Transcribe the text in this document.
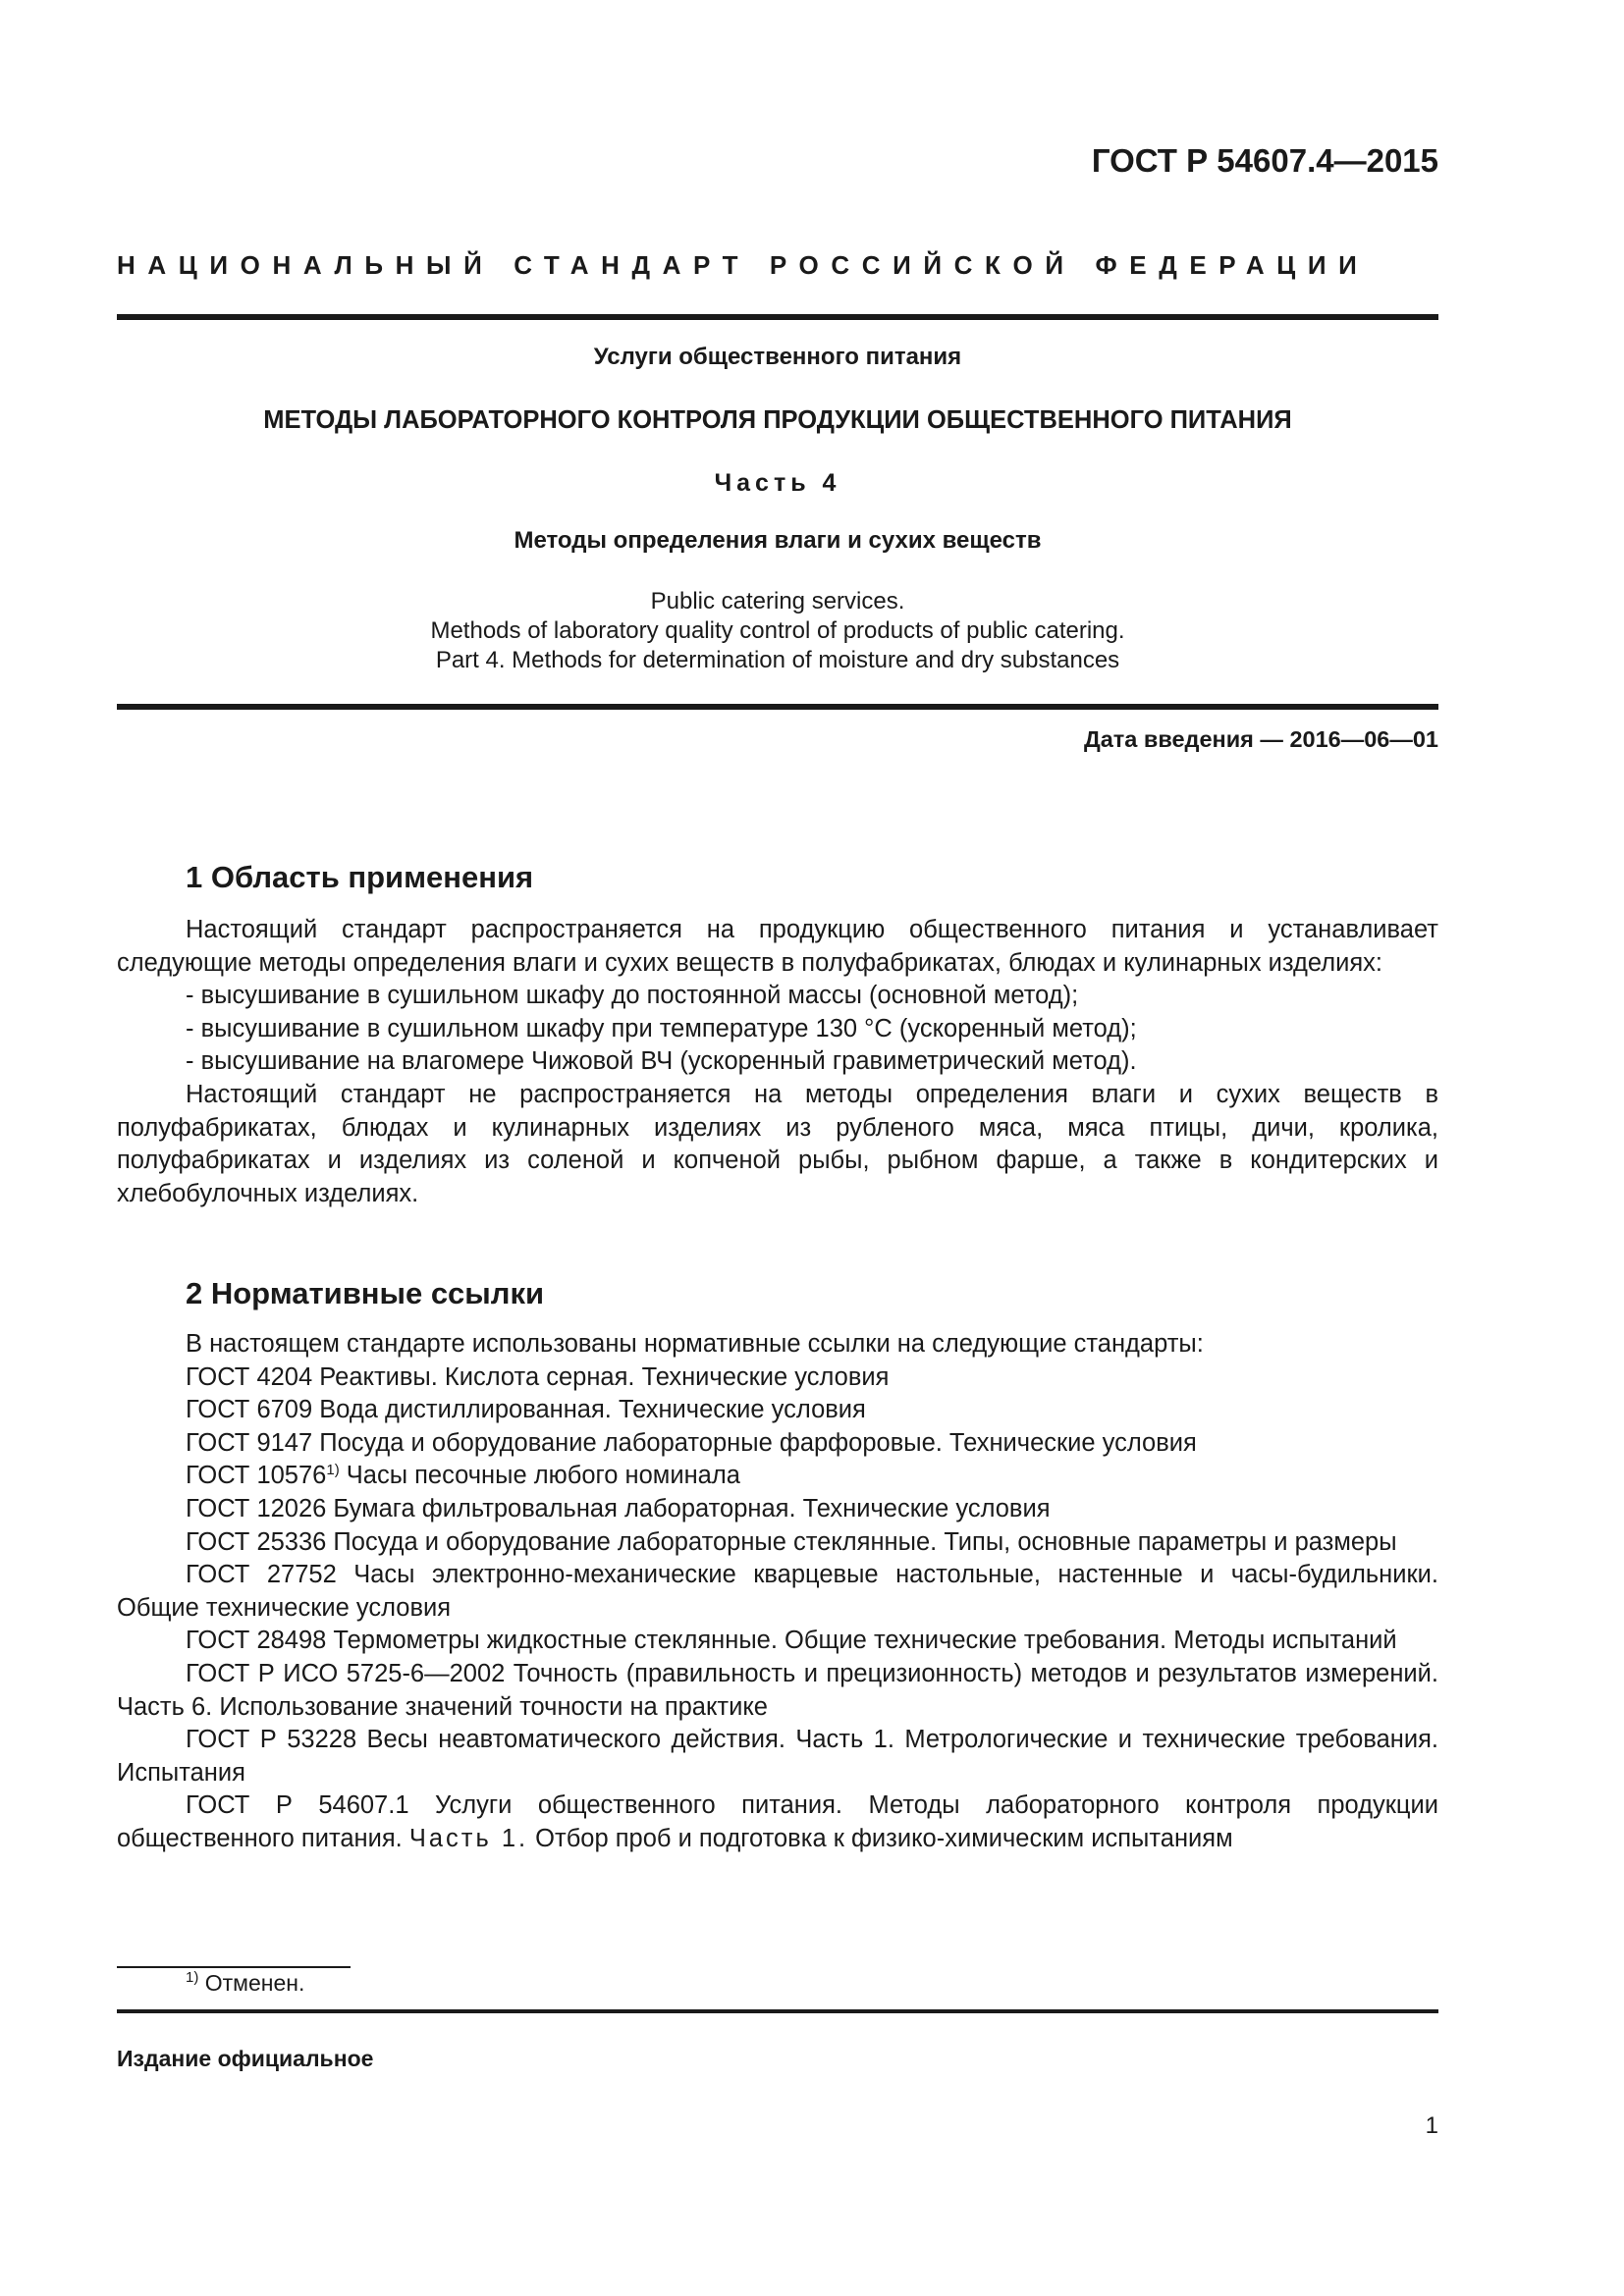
ГОСТ Р 54607.4—2015
НАЦИОНАЛЬНЫЙ СТАНДАРТ РОССИЙСКОЙ ФЕДЕРАЦИИ
Услуги общественного питания
МЕТОДЫ ЛАБОРАТОРНОГО КОНТРОЛЯ ПРОДУКЦИИ ОБЩЕСТВЕННОГО ПИТАНИЯ
Часть 4
Методы определения влаги и сухих веществ
Public catering services.
Methods of laboratory quality control of products of public catering.
Part 4. Methods for determination of moisture and dry substances
Дата введения — 2016—06—01
1 Область применения

Настоящий стандарт распространяется на продукцию общественного питания и устанавливает следующие методы определения влаги и сухих веществ в полуфабрикатах, блюдах и кулинарных изделиях:

- высушивание в сушильном шкафу до постоянной массы (основной метод);

- высушивание в сушильном шкафу при температуре 130 °С (ускоренный метод);

- высушивание на влагомере Чижовой ВЧ (ускоренный гравиметрический метод).

Настоящий стандарт не распространяется на методы определения влаги и сухих веществ в полуфабрикатах, блюдах и кулинарных изделиях из рубленого мяса, мяса птицы, дичи, кролика, полуфабрикатах и изделиях из соленой и копченой рыбы, рыбном фарше, а также в кондитерских и хлебобулочных изделиях.

2 Нормативные ссылки

В настоящем стандарте использованы нормативные ссылки на следующие стандарты:

ГОСТ 4204 Реактивы. Кислота серная. Технические условия

ГОСТ 6709 Вода дистиллированная. Технические условия

ГОСТ 9147 Посуда и оборудование лабораторные фарфоровые. Технические условия

ГОСТ 10576$^{1)}$ Часы песочные любого номинала

ГОСТ 12026 Бумага фильтровальная лабораторная. Технические условия

ГОСТ 25336 Посуда и оборудование лабораторные стеклянные. Типы, основные параметры и размеры

ГОСТ 27752 Часы электронно-механические кварцевые настольные, настенные и часы-будильники. Общие технические условия

ГОСТ 28498 Термометры жидкостные стеклянные. Общие технические требования. Методы испытаний

ГОСТ Р ИСО 5725-6—2002 Точность (правильность и прецизионность) методов и результатов измерений. Часть 6. Использование значений точности на практике

ГОСТ Р 53228 Весы неавтоматического действия. Часть 1. Метрологические и технические требования. Испытания

ГОСТ Р 54607.1 Услуги общественного питания. Методы лабораторного контроля продукции общественного питания. Часть 1. Отбор проб и подготовка к физико-химическим испытаниям

$^{1)}$ Отменен.
Издание официальное
1
